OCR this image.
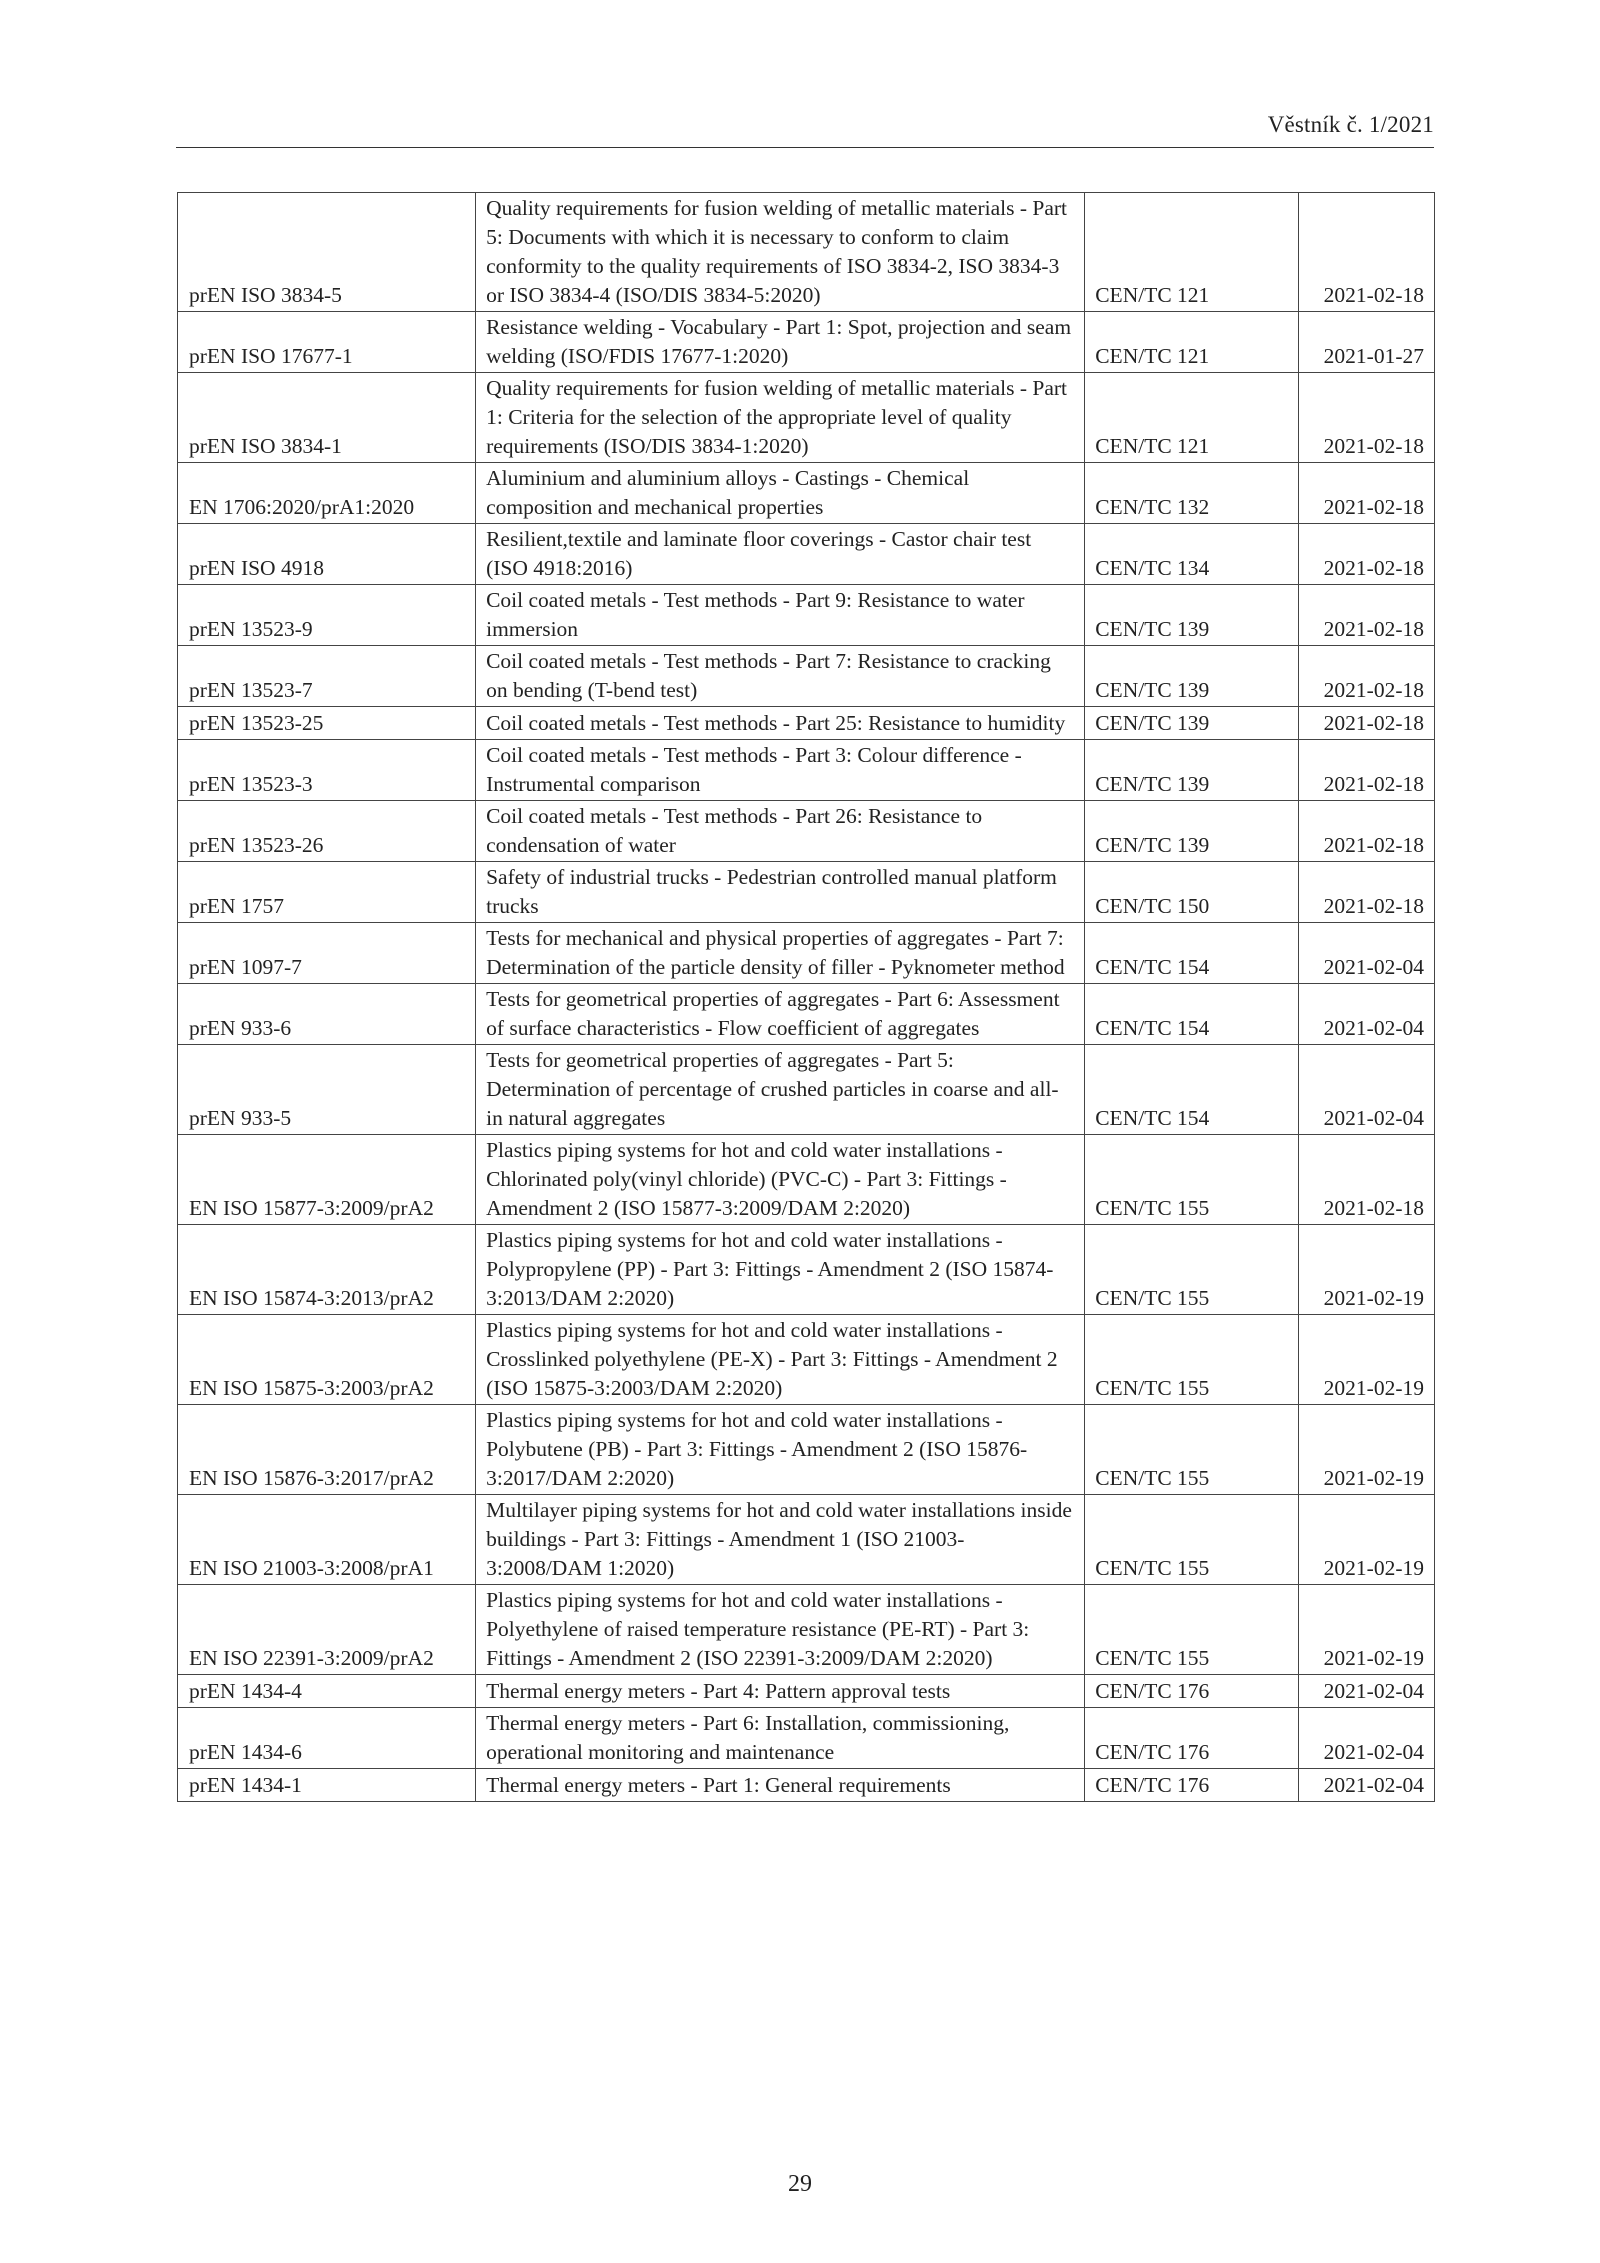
Věstník č. 1/2021
prEN ISO 3834-5	Quality requirements for fusion welding of metallic materials - Part 5: Documents with which it is necessary to conform to claim conformity to the quality requirements of ISO 3834-2, ISO 3834-3 or ISO 3834-4 (ISO/DIS 3834-5:2020)	CEN/TC 121	2021-02-18
prEN ISO 17677-1	Resistance welding - Vocabulary - Part 1: Spot, projection and seam welding (ISO/FDIS 17677-1:2020)	CEN/TC 121	2021-01-27
prEN ISO 3834-1	Quality requirements for fusion welding of metallic materials - Part 1: Criteria for the selection of the appropriate level of quality requirements (ISO/DIS 3834-1:2020)	CEN/TC 121	2021-02-18
EN 1706:2020/prA1:2020	Aluminium and aluminium alloys - Castings - Chemical composition and mechanical properties	CEN/TC 132	2021-02-18
prEN ISO 4918	Resilient,textile and laminate floor coverings - Castor chair test (ISO 4918:2016)	CEN/TC 134	2021-02-18
prEN 13523-9	Coil coated metals - Test methods - Part 9: Resistance to water immersion	CEN/TC 139	2021-02-18
prEN 13523-7	Coil coated metals - Test methods - Part 7: Resistance to cracking on bending (T-bend test)	CEN/TC 139	2021-02-18
prEN 13523-25	Coil coated metals - Test methods - Part 25: Resistance to humidity	CEN/TC 139	2021-02-18
prEN 13523-3	Coil coated metals - Test methods - Part 3: Colour difference - Instrumental comparison	CEN/TC 139	2021-02-18
prEN 13523-26	Coil coated metals - Test methods - Part 26: Resistance to condensation of water	CEN/TC 139	2021-02-18
prEN 1757	Safety of industrial trucks - Pedestrian controlled manual platform trucks	CEN/TC 150	2021-02-18
prEN 1097-7	Tests for mechanical and physical properties of aggregates - Part 7: Determination of the particle density of filler - Pyknometer method	CEN/TC 154	2021-02-04
prEN 933-6	Tests for geometrical properties of aggregates - Part 6: Assessment of surface characteristics - Flow coefficient of aggregates	CEN/TC 154	2021-02-04
prEN 933-5	Tests for geometrical properties of aggregates - Part 5: Determination of percentage of crushed particles in coarse and all-in natural aggregates	CEN/TC 154	2021-02-04
EN ISO 15877-3:2009/prA2	Plastics piping systems for hot and cold water installations - Chlorinated poly(vinyl chloride) (PVC-C) - Part 3: Fittings - Amendment 2 (ISO 15877-3:2009/DAM 2:2020)	CEN/TC 155	2021-02-18
EN ISO 15874-3:2013/prA2	Plastics piping systems for hot and cold water installations - Polypropylene (PP) - Part 3: Fittings - Amendment 2 (ISO 15874-3:2013/DAM 2:2020)	CEN/TC 155	2021-02-19
EN ISO 15875-3:2003/prA2	Plastics piping systems for hot and cold water installations - Crosslinked polyethylene (PE-X) - Part 3: Fittings - Amendment 2 (ISO 15875-3:2003/DAM 2:2020)	CEN/TC 155	2021-02-19
EN ISO 15876-3:2017/prA2	Plastics piping systems for hot and cold water installations - Polybutene (PB) - Part 3: Fittings - Amendment 2 (ISO 15876-3:2017/DAM 2:2020)	CEN/TC 155	2021-02-19
EN ISO 21003-3:2008/prA1	Multilayer piping systems for hot and cold water installations inside buildings - Part 3: Fittings - Amendment 1 (ISO 21003-3:2008/DAM 1:2020)	CEN/TC 155	2021-02-19
EN ISO 22391-3:2009/prA2	Plastics piping systems for hot and cold water installations - Polyethylene of raised temperature resistance (PE-RT) - Part 3: Fittings - Amendment 2 (ISO 22391-3:2009/DAM 2:2020)	CEN/TC 155	2021-02-19
prEN 1434-4	Thermal energy meters - Part 4: Pattern approval tests	CEN/TC 176	2021-02-04
prEN 1434-6	Thermal energy meters - Part 6: Installation, commissioning, operational monitoring and maintenance	CEN/TC 176	2021-02-04
prEN 1434-1	Thermal energy meters - Part 1: General requirements	CEN/TC 176	2021-02-04
29
